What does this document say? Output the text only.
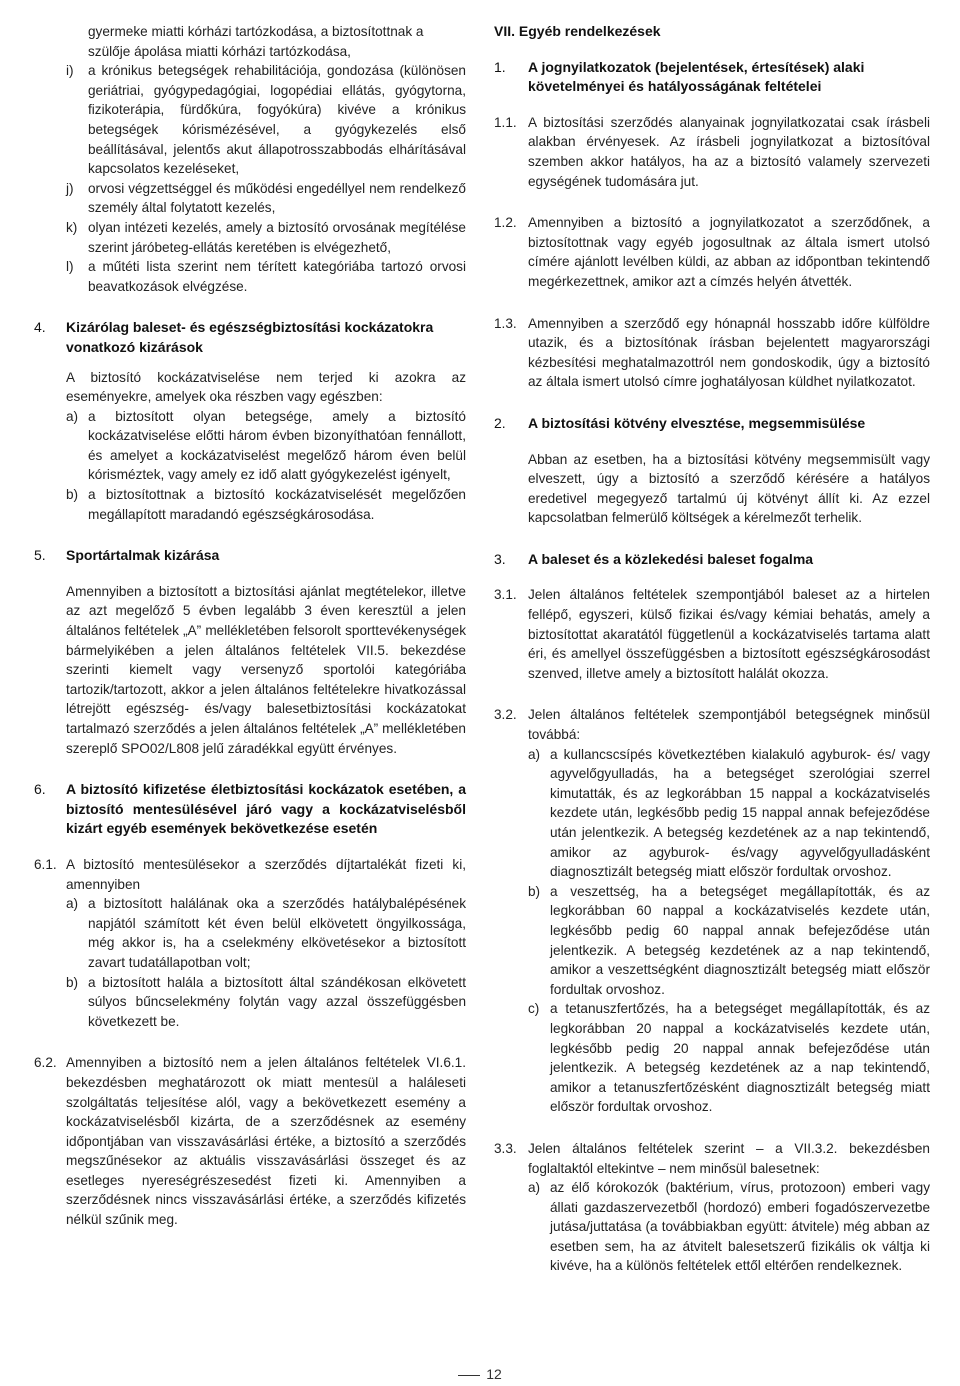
gyermeke miatti kórházi tartózkodása, a biztosítottnak a

szülője ápolása miatti kórházi tartózkodása,

i)	a krónikus betegségek rehabilitációja, gondozása (különösen geriátriai, gyógypedagógiai, logopédiai ellátás, gyógytorna, fizikoterápia, fürdőkúra, fogyókúra) kivéve a krónikus betegségek kórismézésével, a gyógykezelés első beállításával, jelentős akut állapotrosszabbodás elhárításával kapcsolatos kezeléseket,

j)	orvosi végzettséggel és működési engedéllyel nem rendelkező személy által folytatott kezelés,

k) olyan intézeti kezelés, amely a biztosító orvosának megítélése szerint járóbeteg-ellátás keretében is elvégezhető,

l)	a műtéti lista szerint nem térített kategóriába tartozó orvosi beavatkozások elvégzése.

4.	Kizárólag baleset- és egészségbiztosítási kockázatokra vonatkozó kizárások

A biztosító kockázatviselése nem terjed ki azokra az eseményekre, amelyek oka részben vagy egészben:

a) a biztosított olyan betegsége, amely a biztosító kockázatviselése előtti három évben bizonyíthatóan fennállott, és amelyet a kockázatviselést megelőző három éven belül kórisméztek, vagy amely ez idő alatt gyógykezelést igényelt,

b) a biztosítottnak a biztosító kockázatviselését megelőzően megállapított maradandó egészségkárosodása.

5.	Sportártalmak kizárása

Amennyiben a biztosított a biztosítási ajánlat megtételekor, illetve az azt megelőző 5 évben legalább 3 éven keresztül a jelen általános feltételek „A” mellékletében felsorolt sporttevékenységek bármelyikében a jelen általános feltételek VII.5. bekezdése szerinti kiemelt vagy versenyző sportolói kategóriába tartozik/tartozott, akkor a jelen általános feltételekre hivatkozással létrejött egészség- és/vagy balesetbiztosítási kockázatokat tartalmazó szerződés a jelen általános feltételek „A” mellékletében szereplő SPO02/L808 jelű záradékkal együtt érvényes.

6.	A biztosító kifizetése életbiztosítási kockázatok esetében, a biztosító mentesülésével járó vagy a kockázatviselésből kizárt egyéb események bekövetkezése esetén

6.1. A biztosító mentesülésekor a szerződés díjtartalékát fizeti ki, amennyiben

a) a biztosított halálának oka a szerződés hatálybalépésének napjától számított két éven belül elkövetett öngyilkossága, még akkor is, ha a cselekmény elkövetésekor a biztosított zavart tudatállapotban volt;

b) a biztosított halála a biztosított által szándékosan elkövetett súlyos bűncselekmény folytán vagy azzal összefüggésben következett be.

6.2. Amennyiben a biztosító nem a jelen általános feltételek VI.6.1. bekezdésben meghatározott ok miatt mentesül a haláleseti szolgáltatás teljesítése alól, vagy a bekövetkezett esemény a kockázatviselésből kizárta, de a szerződésnek az esemény időpontjában van visszavásárlási értéke, a biztosító a szerződés megszűnésekor az aktuális visszavásárlási összeget és az esetleges nyereségrészesedést fizeti ki. Amennyiben a szerződésnek nincs visszavásárlási értéke, a szerződés kifizetés nélkül szűnik meg.

VII. Egyéb rendelkezések

1.	A jognyilatkozatok (bejelentések, értesítések) alaki követelményei és hatályosságának feltételei

1.1. A biztosítási szerződés alanyainak jognyilatkozatai csak írásbeli alakban érvényesek. Az írásbeli jognyilatkozat a biztosítóval szemben akkor hatályos, ha az a biztosító valamely szervezeti egységének tudomására jut.

1.2. Amennyiben a biztosító a jognyilatkozatot a szerződőnek, a biztosítottnak vagy egyéb jogosultnak az általa ismert utolsó címére ajánlott levélben küldi, az abban az időpontban tekintendő megérkezettnek, amikor azt a címzés helyén átvették.

1.3. Amennyiben a szerződő egy hónapnál hosszabb időre külföldre utazik, és a biztosítónak írásban bejelentett magyarországi kézbesítési meghatalmazottról nem gondoskodik, úgy a biztosító az általa ismert utolsó címre joghatályosan küldhet nyilatkozatot.

2.	A biztosítási kötvény elvesztése, megsemmisülése

Abban az esetben, ha a biztosítási kötvény megsemmisült vagy elveszett, úgy a biztosító a szerződő kérésére a hatályos eredetivel megegyező tartalmú új kötvényt állít ki. Az ezzel kapcsolatban felmerülő költségek a kérelmezőt terhelik.

3.	A baleset és a közlekedési baleset fogalma

3.1. Jelen általános feltételek szempontjából baleset az a hirtelen fellépő, egyszeri, külső fizikai és/vagy kémiai behatás, amely a biztosítottat akaratától függetlenül a kockázatviselés tartama alatt éri, és amellyel összefüggésben a biztosított egészségkárosodást szenved, illetve amely a biztosított halálát okozza.

3.2. Jelen általános feltételek szempontjából betegségnek minősül továbbá:

a) a kullancscsípés következtében kialakuló agyburok- és/ vagy agyvelőgyulladás, ha a betegséget szerológiai szerrel kimutatták, és az legkorábban 15 nappal a kockázatviselés kezdete után, legkésőbb pedig 15 nappal annak befejeződése után jelentkezik. A betegség kezdetének az a nap tekintendő, amikor az agyburok- és/vagy agyvelőgyulladásként diagnosztizált betegség miatt először fordultak orvoshoz.

b) a veszettség, ha a betegséget megállapították, és az legkorábban 60 nappal a kockázatviselés kezdete után, legkésőbb pedig 60 nappal annak befejeződése után jelentkezik. A betegség kezdetének az a nap tekintendő, amikor a veszettségként diagnosztizált betegség miatt először fordultak orvoshoz.

c) a tetanuszfertőzés, ha a betegséget megállapították, és az legkorábban 20 nappal a kockázatviselés kezdete után, legkésőbb pedig 20 nappal annak befejeződése után jelentkezik. A betegség kezdetének az a nap tekintendő, amikor a tetanuszfertőzésként diagnosztizált betegség miatt először fordultak orvoshoz.

3.3. Jelen általános feltételek szerint – a VII.3.2. bekezdésben foglaltaktól eltekintve – nem minősül balesetnek:

a) az élő kórokozók (baktérium, vírus, protozoon) emberi vagy állati gazdaszervezetből (hordozó) emberi fogadószervezetbe jutása/juttatása (a továbbiakban együtt: átvitele) még abban az esetben sem, ha az átvitelt balesetszerű fizikális ok váltja ki kivéve, ha a különös feltételek ettől eltérően rendelkeznek.

12
